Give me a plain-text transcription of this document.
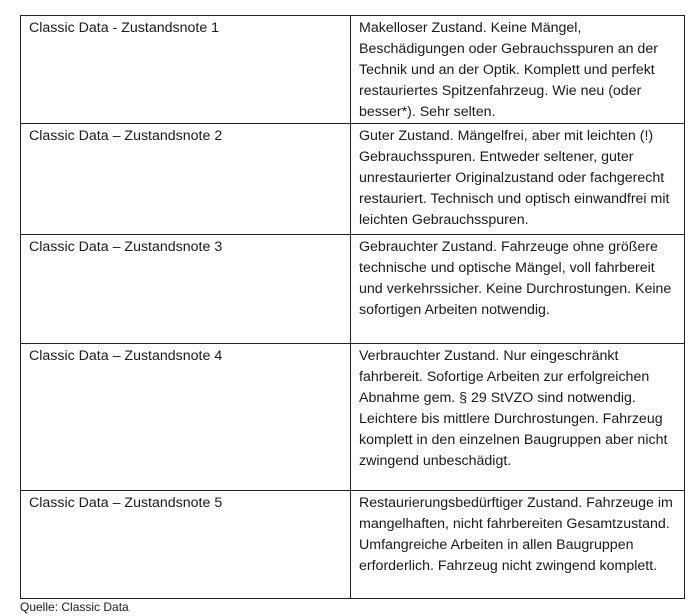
Classic Data - Zustandsnote 1	Makelloser Zustand. Keine Mängel, Beschädigungen oder Gebrauchsspuren an der Technik und an der Optik. Komplett und perfekt restauriertes Spitzenfahrzeug. Wie neu (oder besser*). Sehr selten.
Classic Data – Zustandsnote 2	Guter Zustand. Mängelfrei, aber mit leichten (!) Gebrauchsspuren. Entweder seltener, guter unrestaurierter Originalzustand oder fachgerecht restauriert. Technisch und optisch einwandfrei mit leichten Gebrauchsspuren.
Classic Data – Zustandsnote 3	Gebrauchter Zustand. Fahrzeuge ohne größere technische und optische Mängel, voll fahrbereit und verkehrssicher. Keine Durchrostungen. Keine sofortigen Arbeiten notwendig.
Classic Data – Zustandsnote 4	Verbrauchter Zustand. Nur eingeschränkt fahrbereit. Sofortige Arbeiten zur erfolgreichen Abnahme gem. § 29 StVZO sind notwendig. Leichtere bis mittlere Durchrostungen. Fahrzeug komplett in den einzelnen Baugruppen aber nicht zwingend unbeschädigt.
Classic Data – Zustandsnote 5	Restaurierungsbedürftiger Zustand. Fahrzeuge im mangelhaften, nicht fahrbereiten Gesamtzustand. Umfangreiche Arbeiten in allen Baugruppen erforderlich. Fahrzeug nicht zwingend komplett.
Quelle: Classic Data
